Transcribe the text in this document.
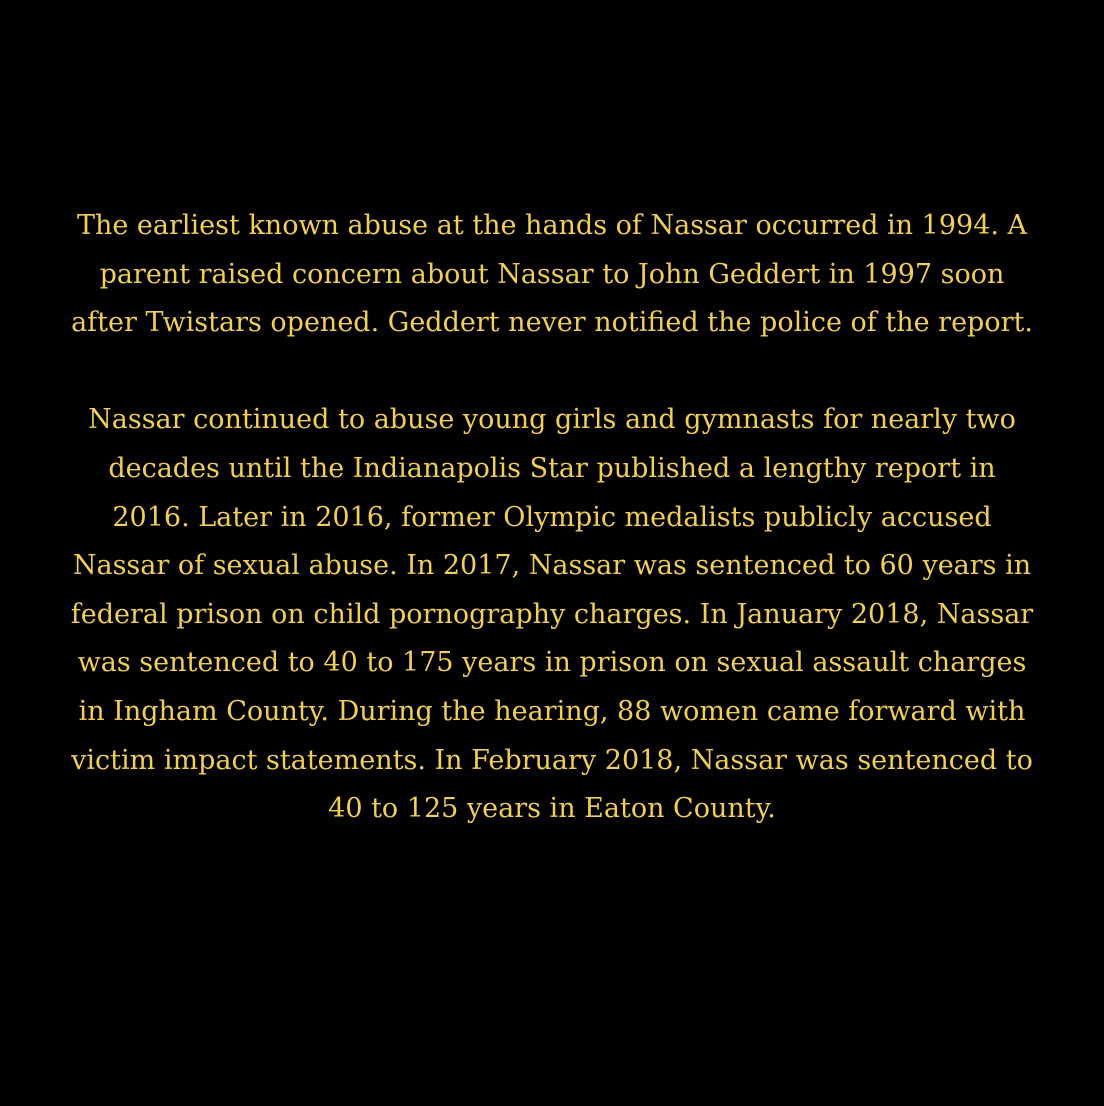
The earliest known abuse at the hands of Nassar occurred in 1994. A parent raised concern about Nassar to John Geddert in 1997 soon after Twistars opened. Geddert never notified the police of the report.

Nassar continued to abuse young girls and gymnasts for nearly two decades until the Indianapolis Star published a lengthy report in 2016. Later in 2016, former Olympic medalists publicly accused Nassar of sexual abuse. In 2017, Nassar was sentenced to 60 years in federal prison on child pornography charges. In January 2018, Nassar was sentenced to 40 to 175 years in prison on sexual assault charges in Ingham County. During the hearing, 88 women came forward with victim impact statements. In February 2018, Nassar was sentenced to 40 to 125 years in Eaton County.
